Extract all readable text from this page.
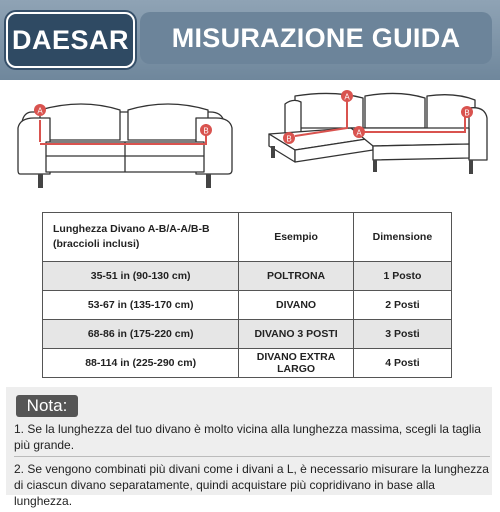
DAESAR MISURAZIONE GUIDA
A
B
A
B
A
B
Lunghezza Divano A-B/A-A/B-B
(braccioli inclusi)	Esempio	Dimensione
35-51 in (90-130 cm)	POLTRONA	1 Posto
53-67 in (135-170 cm)	DIVANO	2 Posti
68-86 in (175-220 cm)	DIVANO 3 POSTI	3 Posti
88-114 in (225-290 cm)	DIVANO EXTRA LARGO	4 Posti
Nota:

1. Se la lunghezza del tuo divano è molto vicina alla lunghezza massima, scegli la taglia più grande.

2. Se vengono combinati più divani come i divani a L, è necessario misurare la lunghezza di ciascun divano separatamente, quindi acquistare più copridivano in base alla lunghezza.
